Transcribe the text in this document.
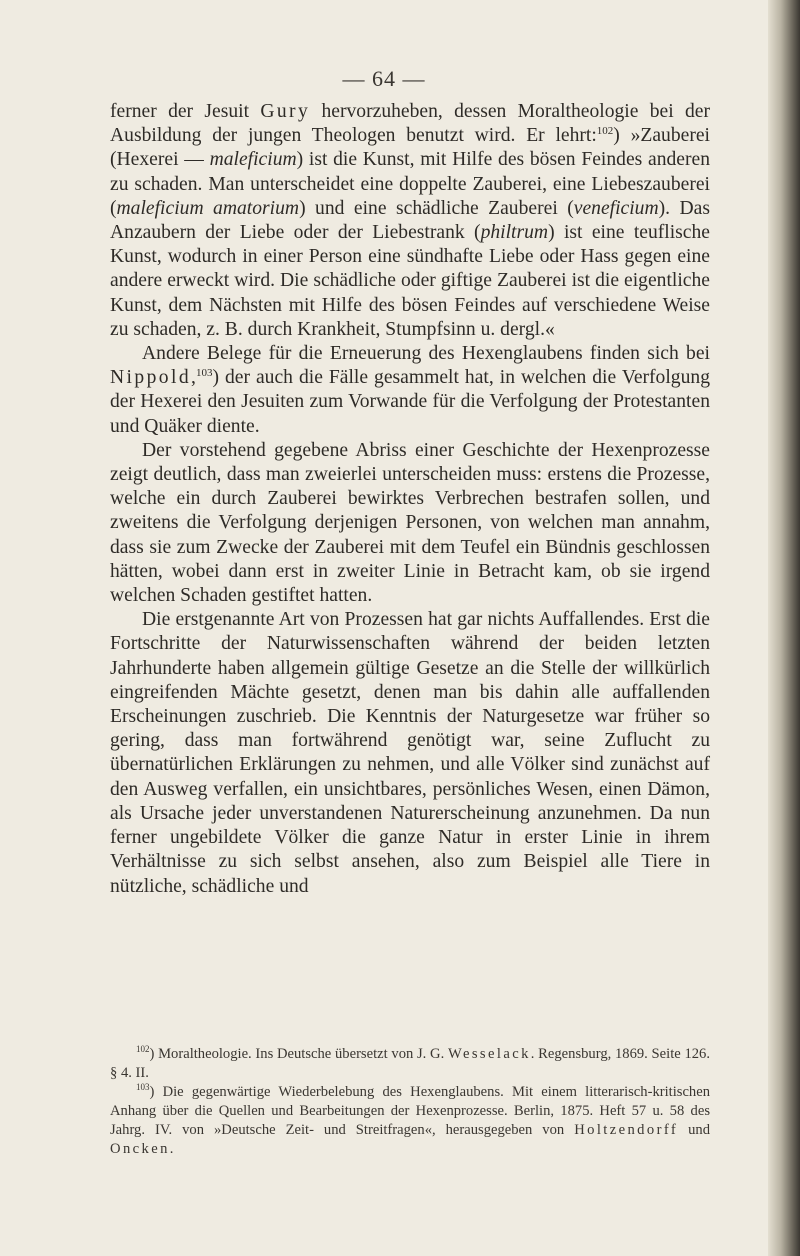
— 64 —

ferner der Jesuit Gury hervorzuheben, dessen Moraltheologie bei der Ausbildung der jungen Theologen benutzt wird. Er lehrt:$^{102}$) »Zauberei (Hexerei — maleficium) ist die Kunst, mit Hilfe des bösen Feindes anderen zu schaden. Man unterscheidet eine doppelte Zauberei, eine Liebeszauberei (maleficium amatorium) und eine schädliche Zauberei (veneficium). Das Anzaubern der Liebe oder der Liebestrank (philtrum) ist eine teuflische Kunst, wodurch in einer Person eine sündhafte Liebe oder Hass gegen eine andere erweckt wird. Die schädliche oder giftige Zauberei ist die eigentliche Kunst, dem Nächsten mit Hilfe des bösen Feindes auf verschiedene Weise zu schaden, z. B. durch Krankheit, Stumpfsinn u. dergl.«

Andere Belege für die Erneuerung des Hexenglaubens finden sich bei Nippold,$^{103}$) der auch die Fälle gesammelt hat, in welchen die Verfolgung der Hexerei den Jesuiten zum Vorwande für die Verfolgung der Protestanten und Quäker diente.

Der vorstehend gegebene Abriss einer Geschichte der Hexenprozesse zeigt deutlich, dass man zweierlei unterscheiden muss: erstens die Prozesse, welche ein durch Zauberei bewirktes Verbrechen bestrafen sollen, und zweitens die Verfolgung derjenigen Personen, von welchen man annahm, dass sie zum Zwecke der Zauberei mit dem Teufel ein Bündnis geschlossen hätten, wobei dann erst in zweiter Linie in Betracht kam, ob sie irgend welchen Schaden gestiftet hatten.

Die erstgenannte Art von Prozessen hat gar nichts Auffallendes. Erst die Fortschritte der Naturwissenschaften während der beiden letzten Jahrhunderte haben allgemein gültige Gesetze an die Stelle der willkürlich eingreifenden Mächte gesetzt, denen man bis dahin alle auffallenden Erscheinungen zuschrieb. Die Kenntnis der Naturgesetze war früher so gering, dass man fortwährend genötigt war, seine Zuflucht zu übernatürlichen Erklärungen zu nehmen, und alle Völker sind zunächst auf den Ausweg verfallen, ein unsichtbares, persönliches Wesen, einen Dämon, als Ursache jeder unverstandenen Naturerscheinung anzunehmen. Da nun ferner ungebildete Völker die ganze Natur in erster Linie in ihrem Verhältnisse zu sich selbst ansehen, also zum Beispiel alle Tiere in nützliche, schädliche und

$^{102}$) Moraltheologie. Ins Deutsche übersetzt von J. G. Wesselack. Regensburg, 1869. Seite 126. § 4. II.

$^{103}$) Die gegenwärtige Wiederbelebung des Hexenglaubens. Mit einem litterarisch-kritischen Anhang über die Quellen und Bearbeitungen der Hexenprozesse. Berlin, 1875. Heft 57 u. 58 des Jahrg. IV. von »Deutsche Zeit- und Streitfragen«, herausgegeben von Holtzendorff und Oncken.
